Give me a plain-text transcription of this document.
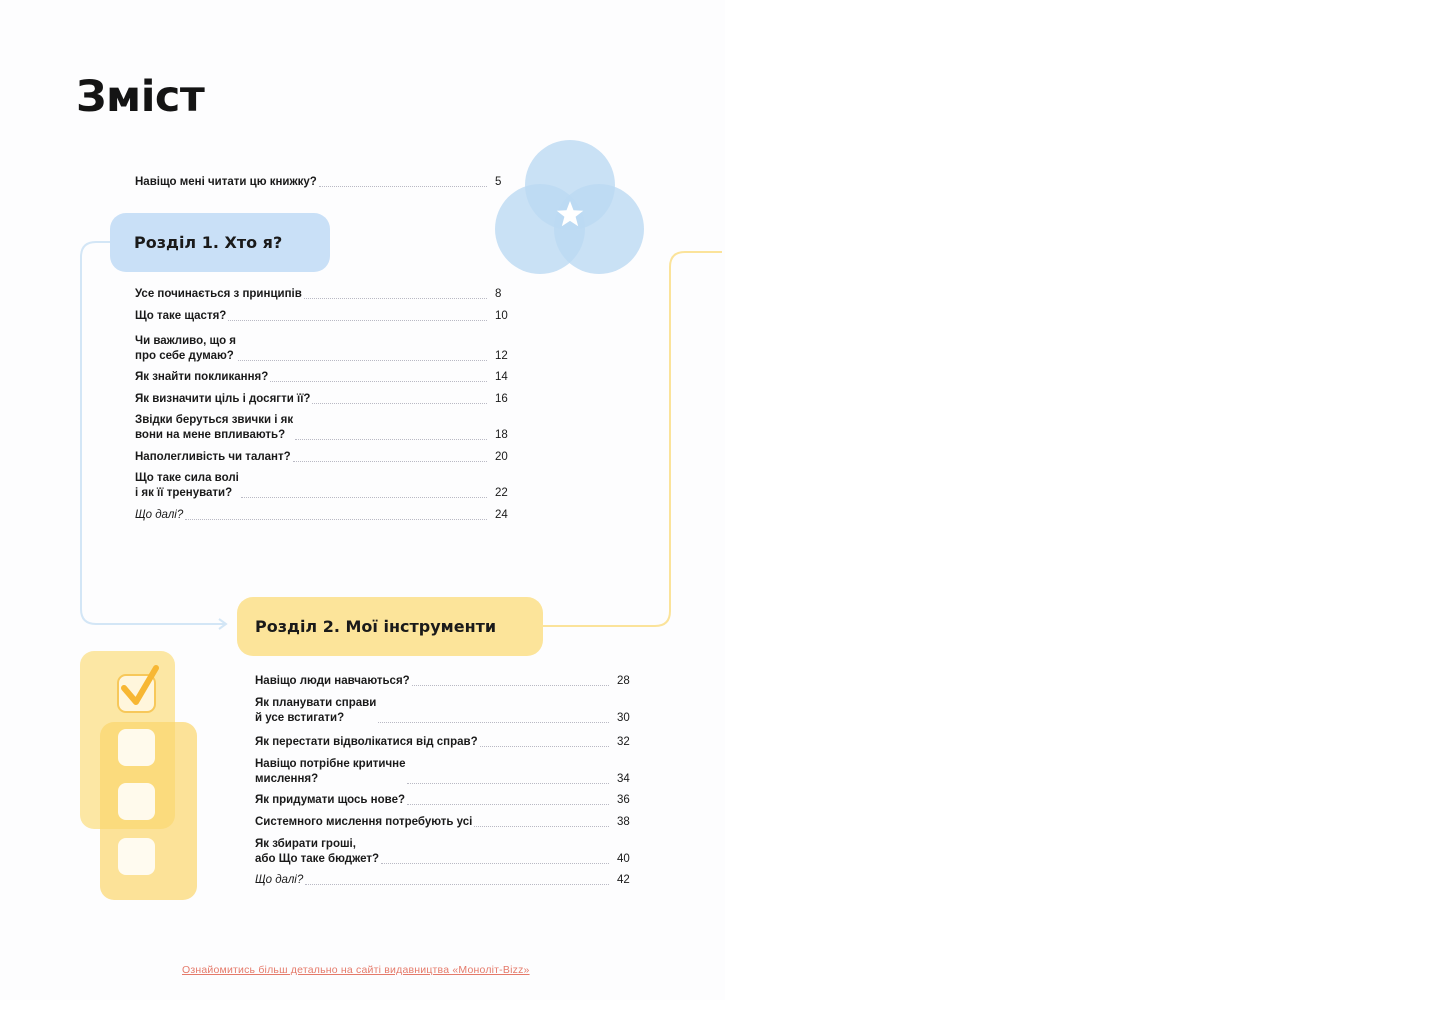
Зміст
Навіщо мені читати цю книжку?	5
Розділ 1. Хто я?
Усе починається з принципів	8
Що таке щастя?	10
Чи важливо, що я
про себе думаю?	12
Як знайти покликання?	14
Як визначити ціль і досягти її?	16
Звідки беруться звички і як
вони на мене впливають?	18
Наполегливість чи талант?	20
Що таке сила волі
і як її тренувати?	22
Що далі?	24
Розділ 2. Мої інструменти
Навіщо люди навчаються?	28
Як планувати справи
й усе встигати?	30
Як перестати відволікатися від справ?	32
Навіщо потрібне критичне
мислення?	34
Як придумати щось нове?	36
Системного мислення потребують усі	38
Як збирати гроші,
або Що таке бюджет?	40
Що далі?	42
Ознайомитись більш детально на сайті видавництва «Моноліт-Bizz»
